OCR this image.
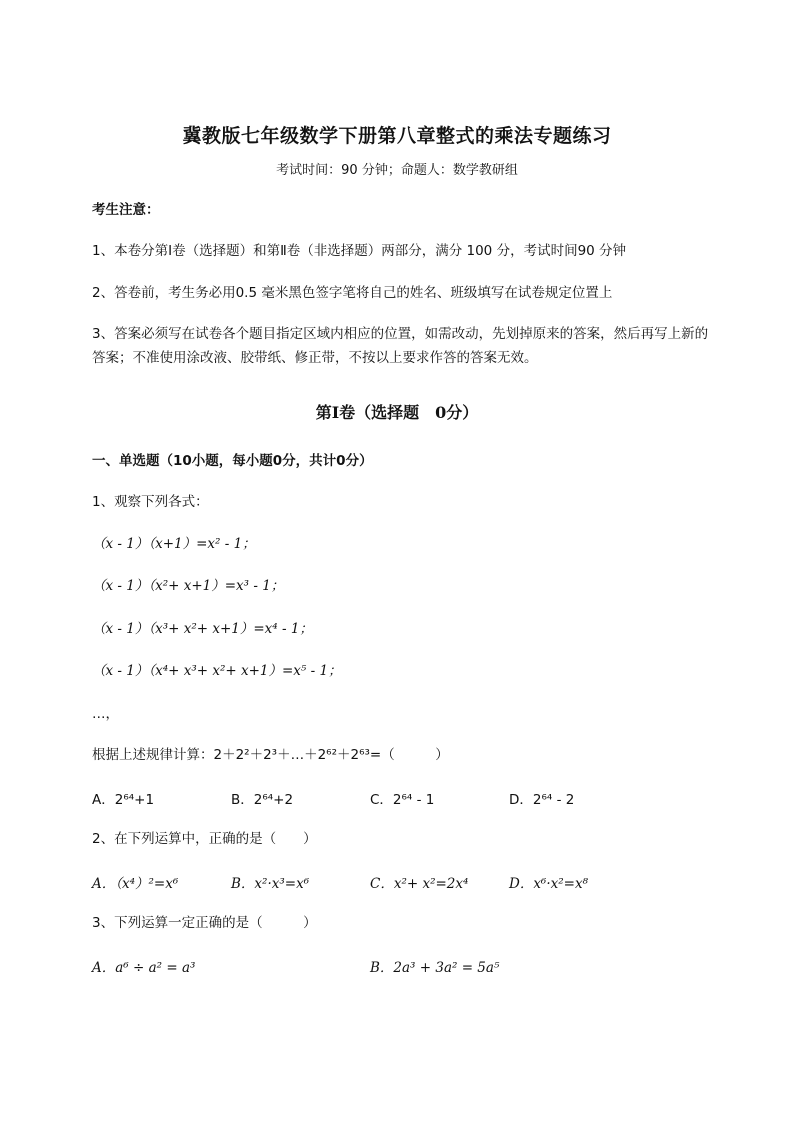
冀教版七年级数学下册第八章整式的乘法专题练习
考试时间：90 分钟；命题人：数学教研组
考生注意：
1、本卷分第Ⅰ卷（选择题）和第Ⅱ卷（非选择题）两部分，满分 100 分，考试时间90 分钟
2、答卷前，考生务必用0.5 毫米黑色签字笔将自己的姓名、班级填写在试卷规定位置上
3、答案必须写在试卷各个题目指定区域内相应的位置，如需改动，先划掉原来的答案，然后再写上新的答案；不准使用涂改液、胶带纸、修正带，不按以上要求作答的答案无效。
第Ⅰ卷（选择题　0分）
一、单选题（10小题，每小题0分，共计0分）
1、观察下列各式：
（x - 1）（x+1）=x² - 1；
（x - 1）（x²+ x+1）=x³ - 1；
（x - 1）（x³+ x²+ x+1）=x⁴ - 1；
（x - 1）（x⁴+ x³+ x²+ x+1）=x⁵ - 1；
…，
根据上述规律计算：2＋2²＋2³＋…＋2⁶²＋2⁶³=（　　　）
A．2⁶⁴+1	B．2⁶⁴+2	C．2⁶⁴ - 1	D．2⁶⁴ - 2
2、在下列运算中，正确的是（　　）
A．（x⁴）²=x⁶	B．x²·x³=x⁶	C．x²+ x²=2x⁴	D．x⁶·x²=x⁸
3、下列运算一定正确的是（　　　）
A．a⁶ ÷ a² = a³	B．2a³ + 3a² = 5a⁵
